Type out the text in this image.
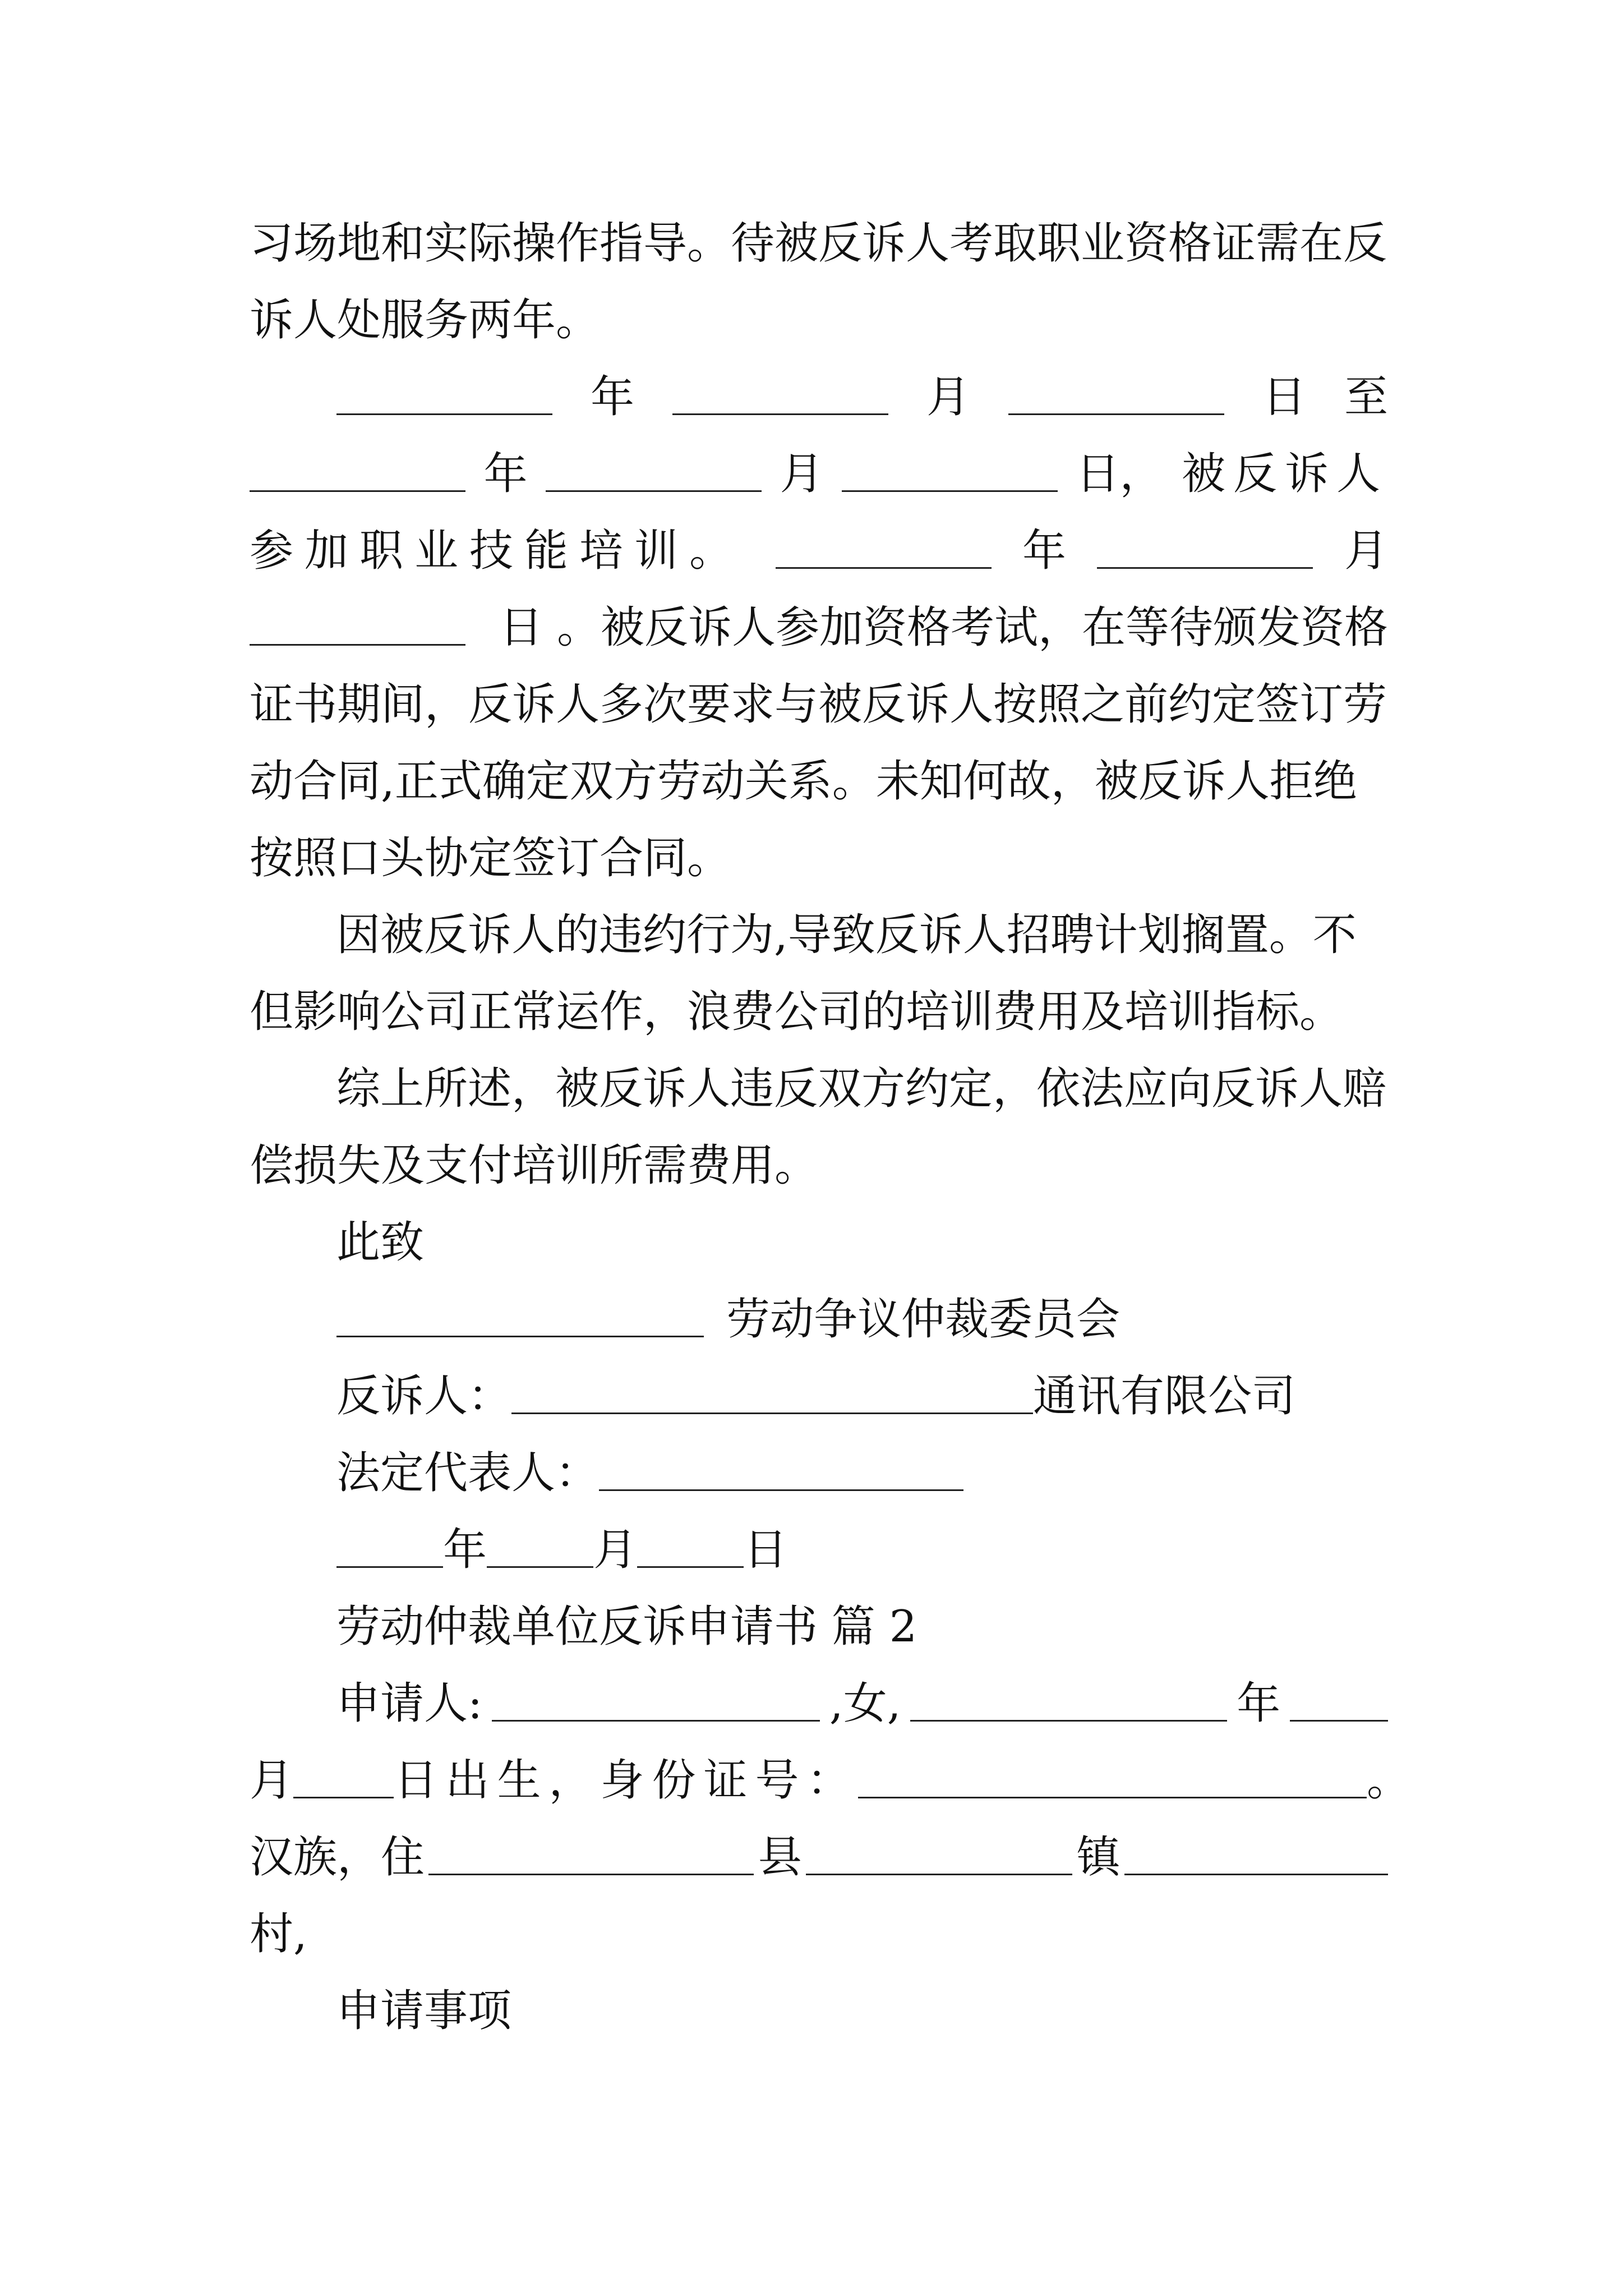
习场地和实际操作指导。待被反诉人考取职业资格证需在反
诉人处服务两年。
年	月	日 至
年	月	日， 被反诉人
参加职业技能培训。	年	月
日 。被反诉人参加资格考试，在等待颁发资格
证书期间，反诉人多次要求与被反诉人按照之前约定签订劳
动合同,正式确定双方劳动关系。未知何故，被反诉人拒绝
按照口头协定签订合同。
因被反诉人的违约行为,导致反诉人招聘计划搁置。不
但影响公司正常运作，浪费公司的培训费用及培训指标。
综上所述，被反诉人违反双方约定，依法应向反诉人赔
偿损失及支付培训所需费用。
此致
劳动争议仲裁委员会
反诉人：	通讯有限公司
法定代表人：
年 月 日
劳动仲裁单位反诉申请书 篇 2
申请人:	,女,	年
月 日出生，身份证号：	。
汉族，住	县	镇
村,
申请事项
